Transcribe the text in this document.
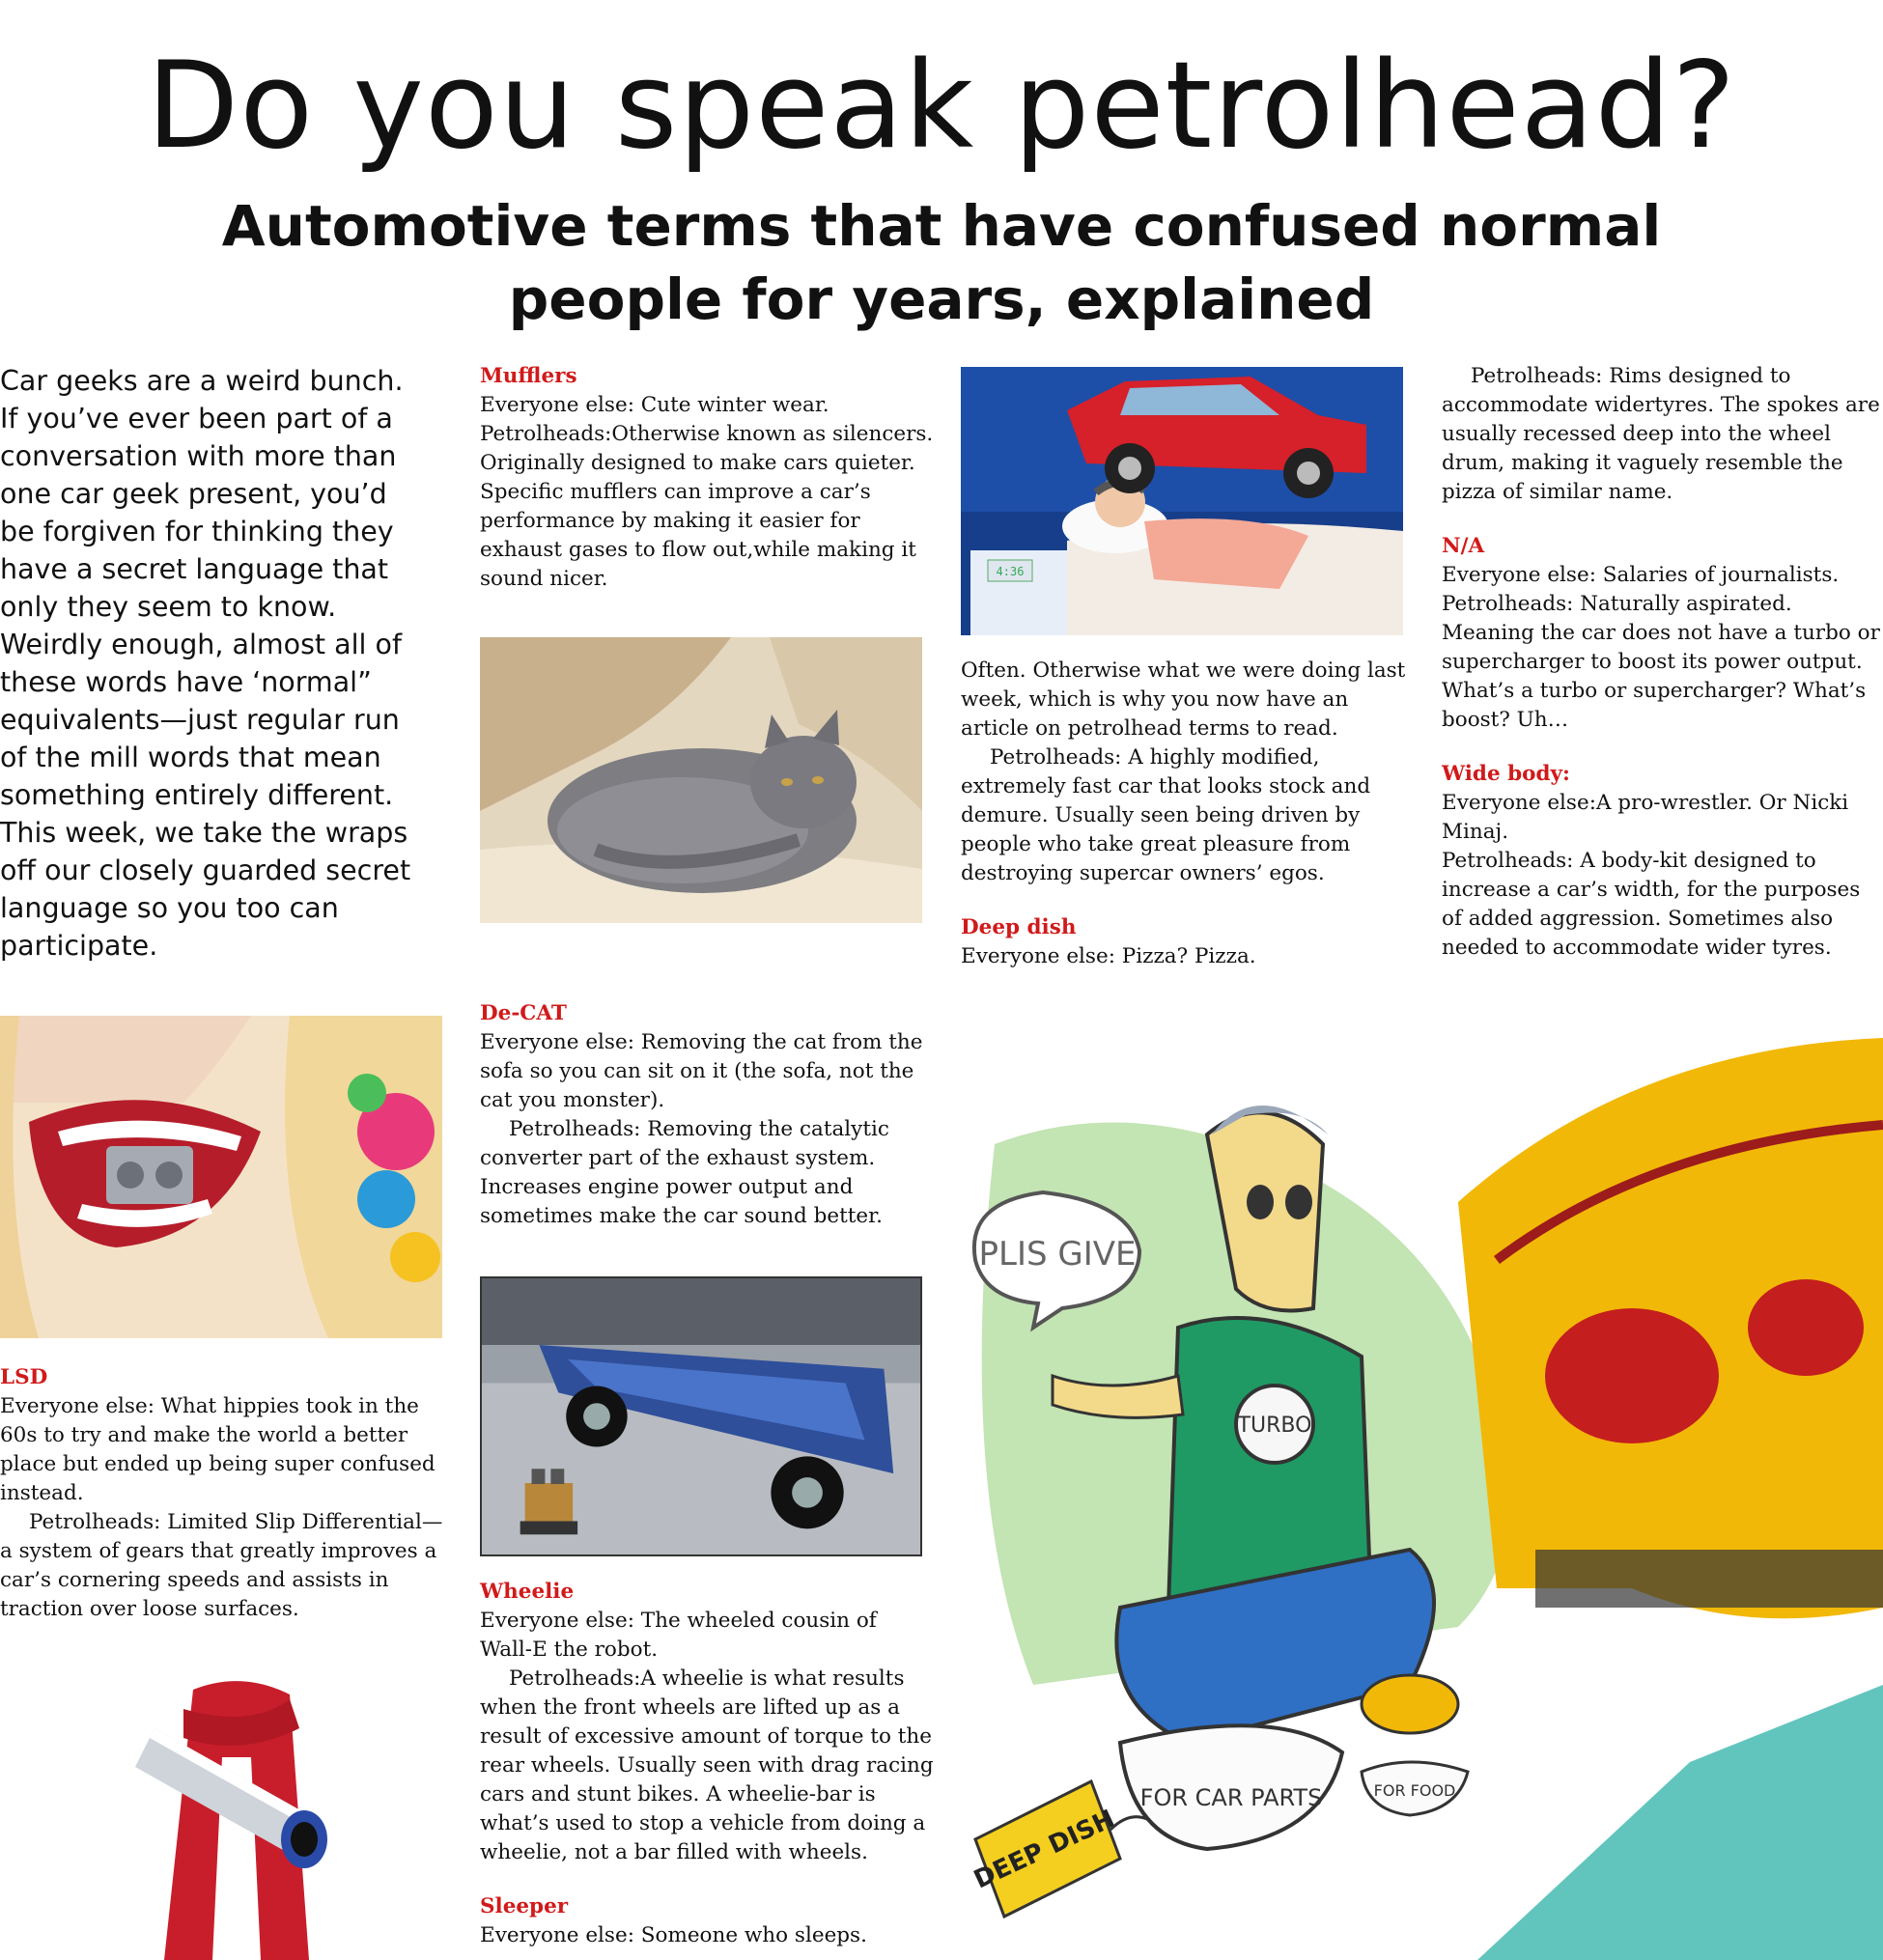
Do you speak petrolhead?
Automotive terms that have confused normal people for years, explained
Car geeks are a weird bunch. If you’ve ever been part of a conversation with more than one car geek present, you’d be forgiven for thinking they have a secret language that only they seem to know. Weirdly enough, almost all of these words have ‘normal” equivalents—just regular run of the mill words that mean something entirely different. This week, we take the wraps off our closely guarded secret language so you too can participate.

Mufflers

Everyone else: Cute winter wear.

Petrolheads:Otherwise known as silencers. Originally designed to make cars quieter. Specific mufflers can improve a car’s performance by making it easier for exhaust gases to flow out,while making it sound nicer.

De-CAT

Everyone else: Removing the cat from the sofa so you can sit on it (the sofa, not the cat you monster).

Petrolheads: Removing the catalytic converter part of the exhaust system. Increases engine power output and sometimes make the car sound better.

Wheelie

Everyone else: The wheeled cousin of Wall-E the robot.

Petrolheads:A wheelie is what results when the front wheels are lifted up as a result of excessive amount of torque to the rear wheels. Usually seen with drag racing cars and stunt bikes. A wheelie-bar is what’s used to stop a vehicle from doing a wheelie, not a bar filled with wheels.

Sleeper

Everyone else: Someone who sleeps.

4:36

Often. Otherwise what we were doing last week, which is why you now have an article on petrolhead terms to read.

Petrolheads: A highly modified, extremely fast car that looks stock and demure. Usually seen being driven by people who take great pleasure from destroying supercar owners’ egos.

Deep dish

Everyone else: Pizza? Pizza.

Petrolheads: Rims designed to accommodate widertyres. The spokes are usually recessed deep into the wheel drum, making it vaguely resemble the pizza of similar name.

N/A

Everyone else: Salaries of journalists.

Petrolheads: Naturally aspirated. Meaning the car does not have a turbo or supercharger to boost its power output. What’s a turbo or supercharger? What’s boost? Uh…

Wide body:

Everyone else:A pro-wrestler. Or Nicki Minaj.

Petrolheads: A body-kit designed to increase a car’s width, for the purposes of added aggression. Sometimes also needed to accommodate wider tyres.

LSD

Everyone else: What hippies took in the 60s to try and make the world a better place but ended up being super confused instead.

Petrolheads: Limited Slip Differential—a system of gears that greatly improves a car’s cornering speeds and assists in traction over loose surfaces.

PLIS GIVE
TURBO
FOR CAR PARTS	FOR FOOD
DEEP DISH
